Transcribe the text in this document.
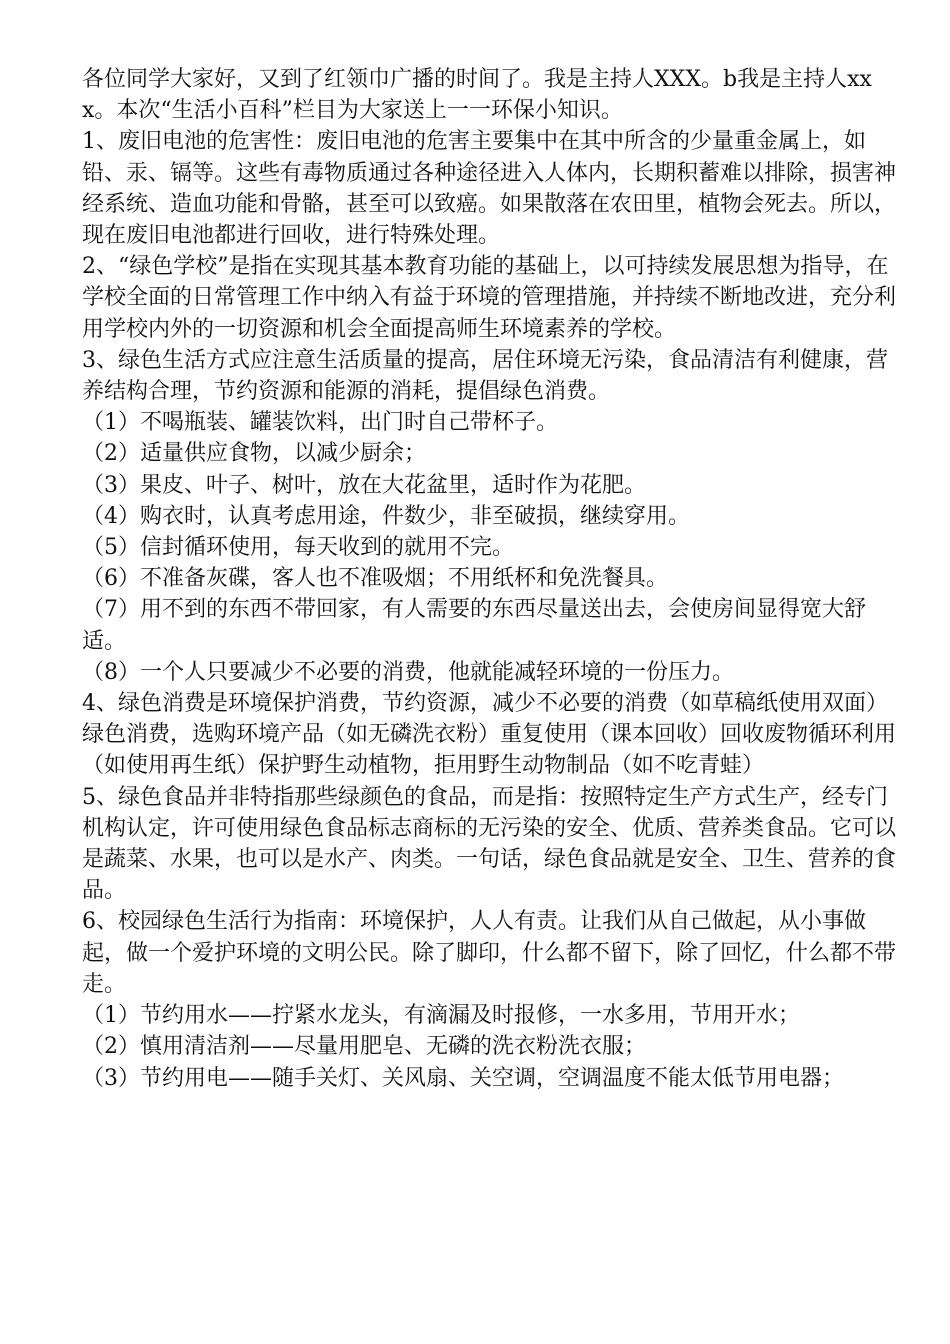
各位同学大家好，又到了红领巾广播的时间了。我是主持人XXX。b我是主持人xxx。本次“生活小百科”栏目为大家送上一一环保小知识。

1、废旧电池的危害性：废旧电池的危害主要集中在其中所含的少量重金属上，如铅、汞、镉等。这些有毒物质通过各种途径进入人体内，长期积蓄难以排除，损害神经系统、造血功能和骨骼，甚至可以致癌。如果散落在农田里，植物会死去。所以，现在废旧电池都进行回收，进行特殊处理。

2、“绿色学校”是指在实现其基本教育功能的基础上，以可持续发展思想为指导，在学校全面的日常管理工作中纳入有益于环境的管理措施，并持续不断地改进，充分利用学校内外的一切资源和机会全面提高师生环境素养的学校。

3、绿色生活方式应注意生活质量的提高，居住环境无污染，食品清洁有利健康，营养结构合理，节约资源和能源的消耗，提倡绿色消费。

（1）不喝瓶装、罐装饮料，出门时自己带杯子。

（2）适量供应食物，以减少厨余；

（3）果皮、叶子、树叶，放在大花盆里，适时作为花肥。

（4）购衣时，认真考虑用途，件数少，非至破损，继续穿用。

（5）信封循环使用，每天收到的就用不完。

（6）不准备灰碟，客人也不准吸烟；不用纸杯和免洗餐具。

（7）用不到的东西不带回家，有人需要的东西尽量送出去，会使房间显得宽大舒适。

（8）一个人只要减少不必要的消费，他就能减轻环境的一份压力。

4、绿色消费是环境保护消费，节约资源，减少不必要的消费（如草稿纸使用双面）绿色消费，选购环境产品（如无磷洗衣粉）重复使用（课本回收）回收废物循环利用（如使用再生纸）保护野生动植物，拒用野生动物制品（如不吃青蛙）

5、绿色食品并非特指那些绿颜色的食品，而是指：按照特定生产方式生产，经专门机构认定，许可使用绿色食品标志商标的无污染的安全、优质、营养类食品。它可以是蔬菜、水果，也可以是水产、肉类。一句话，绿色食品就是安全、卫生、营养的食品。

6、校园绿色生活行为指南：环境保护，人人有责。让我们从自己做起，从小事做起，做一个爱护环境的文明公民。除了脚印，什么都不留下，除了回忆，什么都不带走。

（1）节约用水——拧紧水龙头，有滴漏及时报修，一水多用，节用开水；

（2）慎用清洁剂——尽量用肥皂、无磷的洗衣粉洗衣服；

（3）节约用电——随手关灯、关风扇、关空调，空调温度不能太低节用电器；
